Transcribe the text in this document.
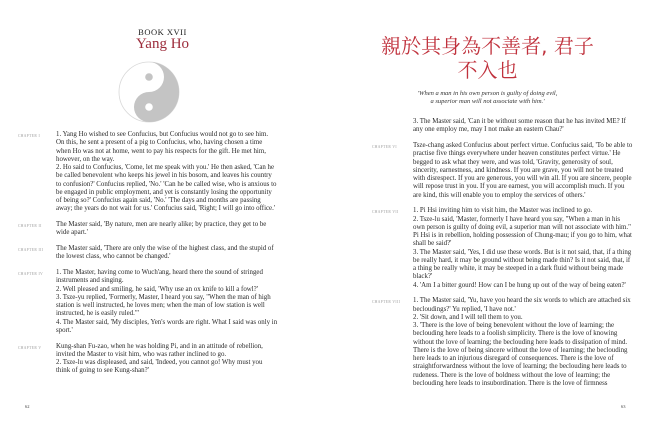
BOOK XVII
Yang Ho
CHAPTER I 1. Yang Ho wished to see Confucius, but Confucius would not go to see him. On this, he sent a present of a pig to Confucius, who, having chosen a time when Ho was not at home, went to pay his respects for the gift. He met him, however, on the way.

2. Ho said to Confucius, 'Come, let me speak with you.' He then asked, 'Can he be called benevolent who keeps his jewel in his bosom, and leaves his country to confusion?' Confucius replied, 'No.' 'Can he be called wise, who is anxious to be engaged in public employment, and yet is constantly losing the opportunity of being so?' Confucius again said, 'No.' 'The days and months are passing away; the years do not wait for us.' Confucius said, 'Right; I will go into office.'

CHAPTER II The Master said, 'By nature, men are nearly alike; by practice, they get to be wide apart.'

CHAPTER III The Master said, 'There are only the wise of the highest class, and the stupid of the lowest class, who cannot be changed.'

CHAPTER IV 1. The Master, having come to Wuch'ang, heard there the sound of stringed instruments and singing.

2. Well pleased and smiling, he said, 'Why use an ox knife to kill a fowl?'

3. Tsze-yu replied, 'Formerly, Master, I heard you say, "When the man of high station is well instructed, he loves men; when the man of low station is well instructed, he is easily ruled."'

4. The Master said, 'My disciples, Yen's words are right. What I said was only in sport.'

CHAPTER V Kung-shan Fu-zao, when he was holding Pi, and in an attitude of rebellion, invited the Master to visit him, who was rather inclined to go.

2. Tsze-lu was displeased, and said, 'Indeed, you cannot go! Why must you think of going to see Kung-shan?'

62
親於其身為不善者, 君子
不入也
'When a man in his own person is guilty of doing evil,
a superior man will not associate with him.'

3. The Master said, 'Can it be without some reason that he has invited ME? If any one employ me, may I not make an eastern Chau?'

CHAPTER VI Tsze-chang asked Confucius about perfect virtue. Confucius said, 'To be able to practise five things everywhere under heaven constitutes perfect virtue.' He begged to ask what they were, and was told, 'Gravity, generosity of soul, sincerity, earnestness, and kindness. If you are grave, you will not be treated with disrespect. If you are generous, you will win all. If you are sincere, people will repose trust in you. If you are earnest, you will accomplish much. If you are kind, this will enable you to employ the services of others.'

CHAPTER VII 1. Pi Hsi inviting him to visit him, the Master was inclined to go.

2. Tsze-lu said, 'Master, formerly I have heard you say, "When a man in his own person is guilty of doing evil, a superior man will not associate with him." Pi Hsi is in rebellion, holding possession of Chung-mau; if you go to him, what shall be said?'

3. The Master said, 'Yes, I did use these words. But is it not said, that, if a thing be really hard, it may be ground without being made thin? Is it not said, that, if a thing be really white, it may be steeped in a dark fluid without being made black?'

4. 'Am I a bitter gourd! How can I be hung up out of the way of being eaten?'

CHAPTER VIII 1. The Master said, 'Yu, have you heard the six words to which are attached six becloudings?' Yu replied, 'I have not.'

2. 'Sit down, and I will tell them to you.

3. 'There is the love of being benevolent without the love of learning; the beclouding here leads to a foolish simplicity. There is the love of knowing without the love of learning; the beclouding here leads to dissipation of mind. There is the love of being sincere without the love of learning; the beclouding here leads to an injurious disregard of consequences. There is the love of straightforwardness without the love of learning; the beclouding here leads to rudeness. There is the love of boldness without the love of learning; the beclouding here leads to insubordination. There is the love of firmness

63
